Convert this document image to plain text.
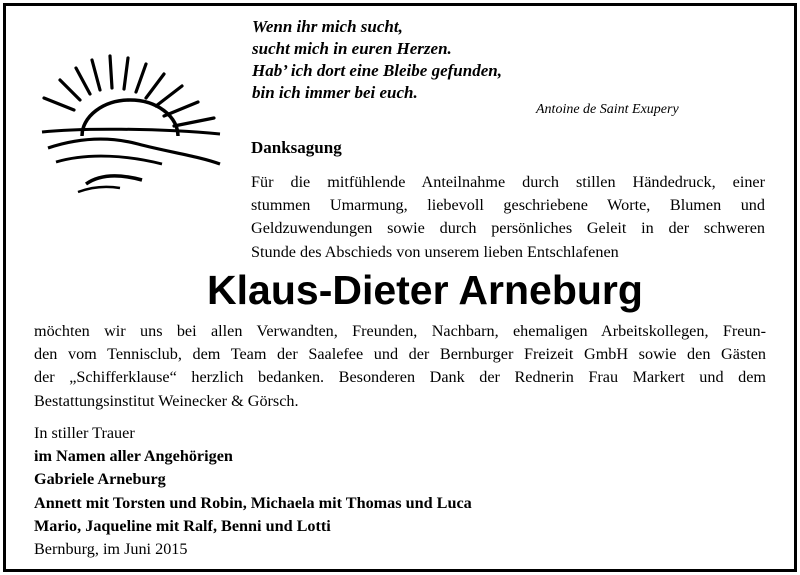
Wenn ihr mich sucht,
sucht mich in euren Herzen.
Hab’ ich dort eine Bleibe gefunden,
bin ich immer bei euch.
Antoine de Saint Exupery
Danksagung
Für die mitfühlende Anteilnahme durch stillen Händedruck, einer
stummen Umarmung, liebevoll geschriebene Worte, Blumen und
Geldzuwendungen sowie durch persönliches Geleit in der schweren
Stunde des Abschieds von unserem lieben Entschlafenen
Klaus-Dieter Arneburg
möchten wir uns bei allen Verwandten, Freunden, Nachbarn, ehemaligen Arbeitskollegen, Freun-
den vom Tennisclub, dem Team der Saalefee und der Bernburger Freizeit GmbH sowie den Gästen
der „Schifferklause“ herzlich bedanken. Besonderen Dank der Rednerin Frau Markert und dem
Bestattungsinstitut Weinecker & Görsch.
In stiller Trauer
im Namen aller Angehörigen
Gabriele Arneburg
Annett mit Torsten und Robin, Michaela mit Thomas und Luca
Mario, Jaqueline mit Ralf, Benni und Lotti
Bernburg, im Juni 2015
